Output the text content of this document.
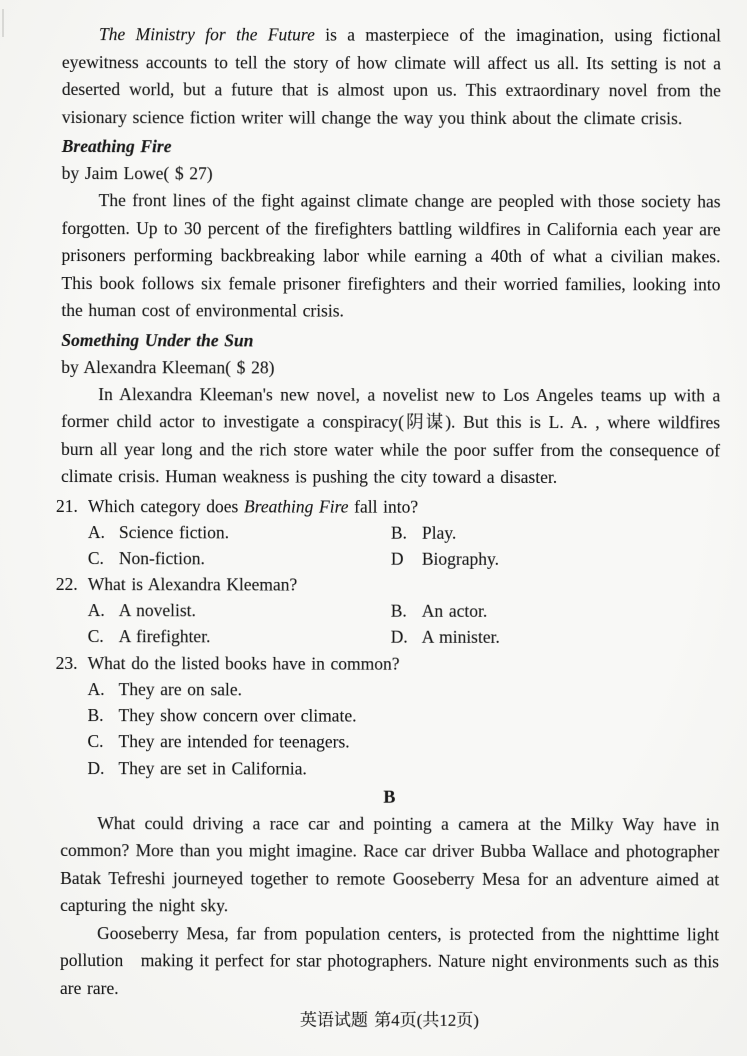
The Ministry for the Future is a masterpiece of the imagination, using fictional eyewitness accounts to tell the story of how climate will affect us all. Its setting is not a deserted world, but a future that is almost upon us. This extraordinary novel from the visionary science fiction writer will change the way you think about the climate crisis.

Breathing Fire

by Jaim Lowe( $ 27)

The front lines of the fight against climate change are peopled with those society has forgotten. Up to 30 percent of the firefighters battling wildfires in California each year are prisoners performing backbreaking labor while earning a 40th of what a civilian makes. This book follows six female prisoner firefighters and their worried families, looking into the human cost of environmental crisis.

Something Under the Sun

by Alexandra Kleeman( $ 28)

In Alexandra Kleeman's new novel, a novelist new to Los Angeles teams up with a former child actor to investigate a conspiracy(阴谋). But this is L. A. , where wildfires burn all year long and the rich store water while the poor suffer from the consequence of climate crisis. Human weakness is pushing the city toward a disaster.

21. Which category does Breathing Fire fall into?
A. Science fiction.	B. Play.
C. Non-fiction.	D	Biography.
22. What is Alexandra Kleeman?
A. A novelist.	B. An actor.
C. A firefighter.	D. A minister.
23. What do the listed books have in common?
A. They are on sale.
B. They show concern over climate.
C. They are intended for teenagers.
D. They are set in California.
B

What could driving a race car and pointing a camera at the Milky Way have in common? More than you might imagine. Race car driver Bubba Wallace and photographer Batak Tefreshi journeyed together to remote Gooseberry Mesa for an adventure aimed at capturing the night sky.

Gooseberry Mesa, far from population centers, is protected from the nighttime light pollution making it perfect for star photographers. Nature night environments such as this are rare.

英语试题 第4页(共12页)
